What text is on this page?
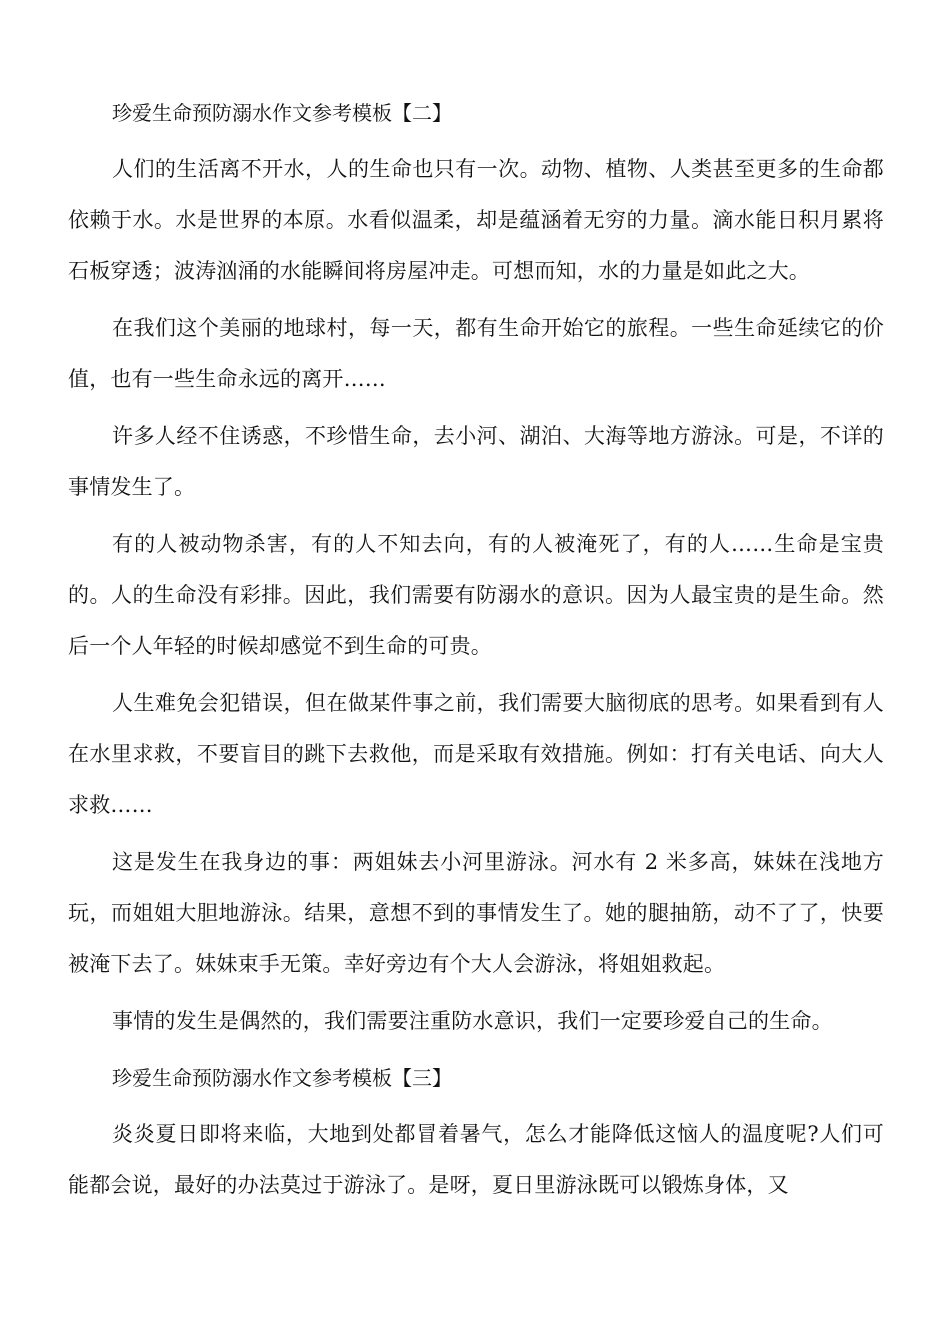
珍爱生命预防溺水作文参考模板【二】

人们的生活离不开水，人的生命也只有一次。动物、植物、人类甚至更多的生命都依赖于水。水是世界的本原。水看似温柔，却是蕴涵着无穷的力量。滴水能日积月累将石板穿透；波涛汹涌的水能瞬间将房屋冲走。可想而知，水的力量是如此之大。

在我们这个美丽的地球村，每一天，都有生命开始它的旅程。一些生命延续它的价值，也有一些生命永远的离开……

许多人经不住诱惑，不珍惜生命，去小河、湖泊、大海等地方游泳。可是，不详的事情发生了。

有的人被动物杀害，有的人不知去向，有的人被淹死了，有的人……生命是宝贵的。人的生命没有彩排。因此，我们需要有防溺水的意识。因为人最宝贵的是生命。然后一个人年轻的时候却感觉不到生命的可贵。

人生难免会犯错误，但在做某件事之前，我们需要大脑彻底的思考。如果看到有人在水里求救，不要盲目的跳下去救他，而是采取有效措施。例如：打有关电话、向大人求救……

这是发生在我身边的事：两姐妹去小河里游泳。河水有 2 米多高，妹妹在浅地方玩，而姐姐大胆地游泳。结果，意想不到的事情发生了。她的腿抽筋，动不了了，快要被淹下去了。妹妹束手无策。幸好旁边有个大人会游泳，将姐姐救起。

事情的发生是偶然的，我们需要注重防水意识，我们一定要珍爱自己的生命。

珍爱生命预防溺水作文参考模板【三】

炎炎夏日即将来临，大地到处都冒着暑气，怎么才能降低这恼人的温度呢?人们可能都会说，最好的办法莫过于游泳了。是呀，夏日里游泳既可以锻炼身体，又
